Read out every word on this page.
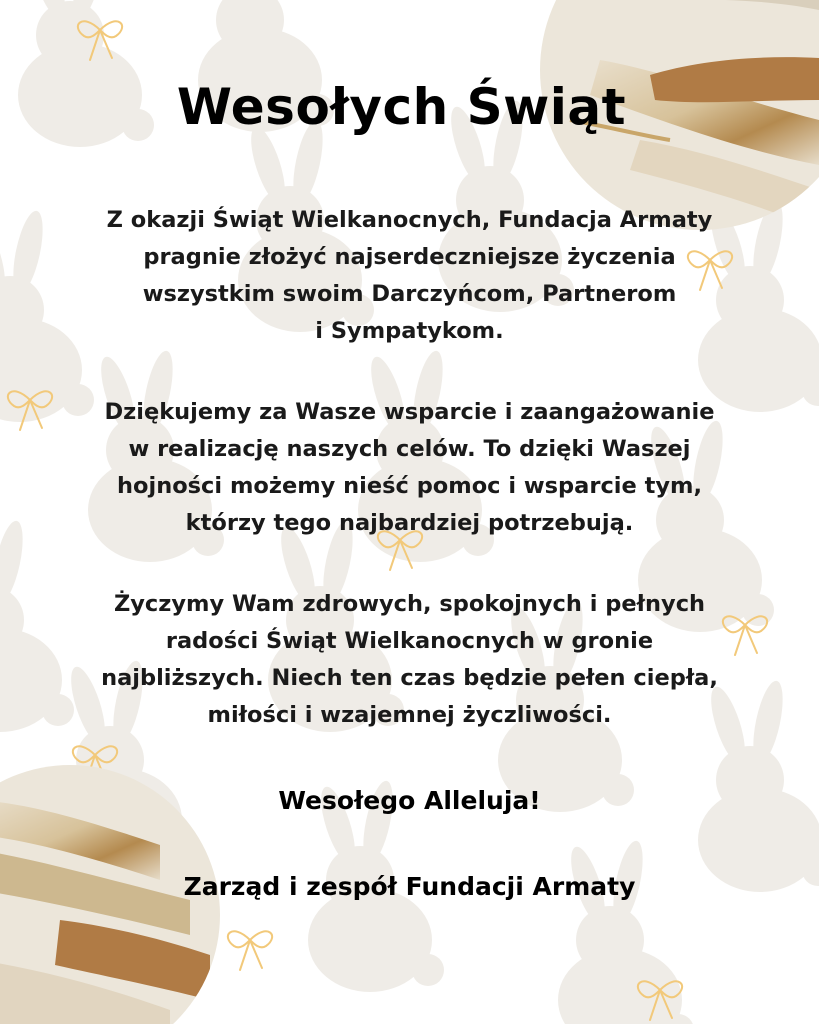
Wesołych Świąt

Z okazji Świąt Wielkanocnych, Fundacja Armaty
pragnie złożyć najserdeczniejsze życzenia
wszystkim swoim Darczyńcom, Partnerom
i Sympatykom.

Dziękujemy za Wasze wsparcie i zaangażowanie
w realizację naszych celów. To dzięki Waszej
hojności możemy nieść pomoc i wsparcie tym,
którzy tego najbardziej potrzebują.

Życzymy Wam zdrowych, spokojnych i pełnych
radości Świąt Wielkanocnych w gronie
najbliższych. Niech ten czas będzie pełen ciepła,
miłości i wzajemnej życzliwości.

Wesołego Alleluja!

Zarząd i zespół Fundacji Armaty
